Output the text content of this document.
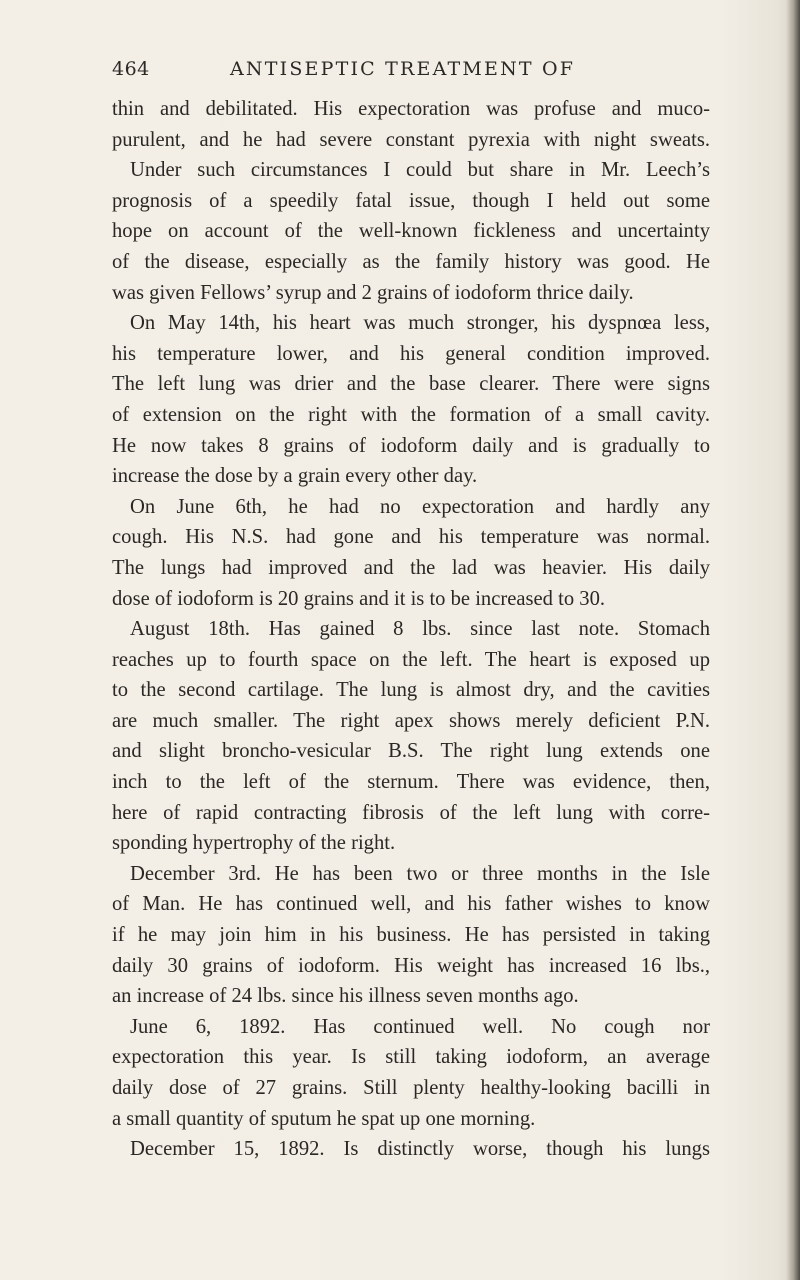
464	ANTISEPTIC TREATMENT OF
thin and debilitated. His expectoration was profuse and muco-
purulent, and he had severe constant pyrexia with night sweats.
Under such circumstances I could but share in Mr. Leech’s
prognosis of a speedily fatal issue, though I held out some
hope on account of the well-known fickleness and uncertainty
of the disease, especially as the family history was good. He
was given Fellows’ syrup and 2 grains of iodoform thrice daily.
On May 14th, his heart was much stronger, his dyspnœa less,
his temperature lower, and his general condition improved.
The left lung was drier and the base clearer. There were signs
of extension on the right with the formation of a small cavity.
He now takes 8 grains of iodoform daily and is gradually to
increase the dose by a grain every other day.
On June 6th, he had no expectoration and hardly any
cough. His N.S. had gone and his temperature was normal.
The lungs had improved and the lad was heavier. His daily
dose of iodoform is 20 grains and it is to be increased to 30.
August 18th. Has gained 8 lbs. since last note. Stomach
reaches up to fourth space on the left. The heart is exposed up
to the second cartilage. The lung is almost dry, and the cavities
are much smaller. The right apex shows merely deficient P.N.
and slight broncho-vesicular B.S. The right lung extends one
inch to the left of the sternum. There was evidence, then,
here of rapid contracting fibrosis of the left lung with corre-
sponding hypertrophy of the right.
December 3rd. He has been two or three months in the Isle
of Man. He has continued well, and his father wishes to know
if he may join him in his business. He has persisted in taking
daily 30 grains of iodoform. His weight has increased 16 lbs.,
an increase of 24 lbs. since his illness seven months ago.
June 6, 1892. Has continued well. No cough nor
expectoration this year. Is still taking iodoform, an average
daily dose of 27 grains. Still plenty healthy-looking bacilli in
a small quantity of sputum he spat up one morning.
December 15, 1892. Is distinctly worse, though his lungs
